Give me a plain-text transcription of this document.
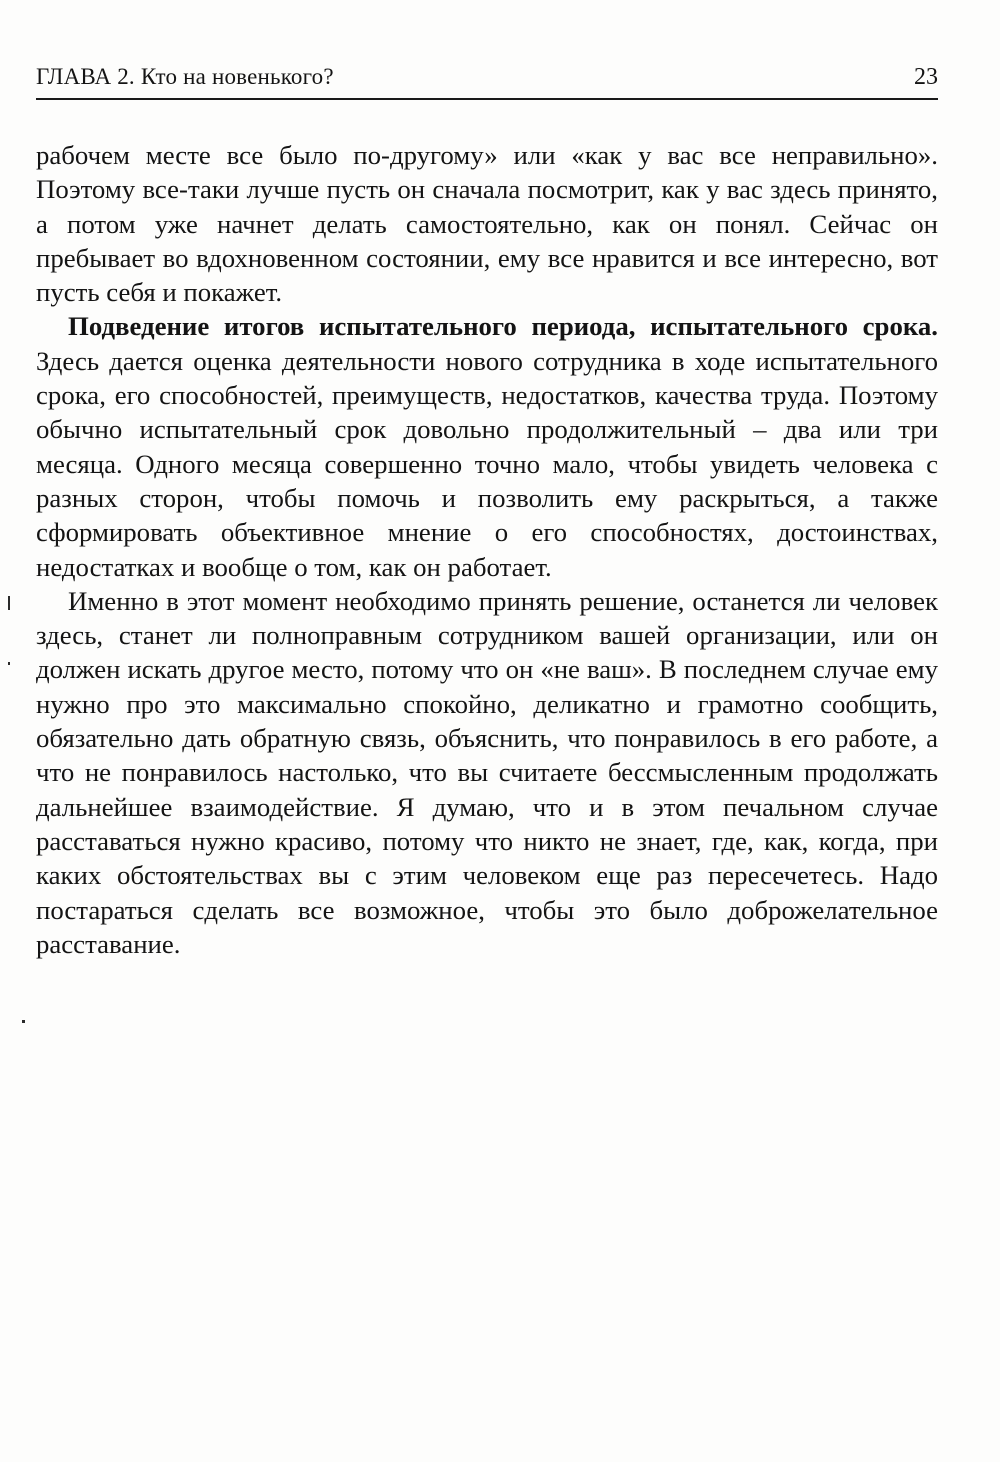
ГЛАВА 2. Кто на новенького?	23

рабочем месте все было по-другому» или «как у вас все неправильно». Поэтому все-таки лучше пусть он сначала посмотрит, как у вас здесь принято, а потом уже начнет делать самостоятельно, как он понял. Сейчас он пребывает во вдохновенном состоянии, ему все нравится и все интересно, вот пусть себя и покажет.

Подведение итогов испытательного периода, испытательного срока. Здесь дается оценка деятельности нового сотрудника в ходе испытательного срока, его способностей, преимуществ, недостатков, качества труда. Поэтому обычно испытательный срок довольно продолжительный – два или три месяца. Одного месяца совершенно точно мало, чтобы увидеть человека с разных сторон, чтобы помочь и позволить ему раскрыться, а также сформировать объективное мнение о его способностях, достоинствах, недостатках и вообще о том, как он работает.

Именно в этот момент необходимо принять решение, останется ли человек здесь, станет ли полноправным сотрудником вашей организации, или он должен искать другое место, потому что он «не ваш». В последнем случае ему нужно про это максимально спокойно, деликатно и грамотно сообщить, обязательно дать обратную связь, объяснить, что понравилось в его работе, а что не понравилось настолько, что вы считаете бессмысленным продолжать дальнейшее взаимодействие. Я думаю, что и в этом печальном случае расставаться нужно красиво, потому что никто не знает, где, как, когда, при каких обстоятельствах вы с этим человеком еще раз пересечетесь. Надо постараться сделать все возможное, чтобы это было доброжелательное расставание.
